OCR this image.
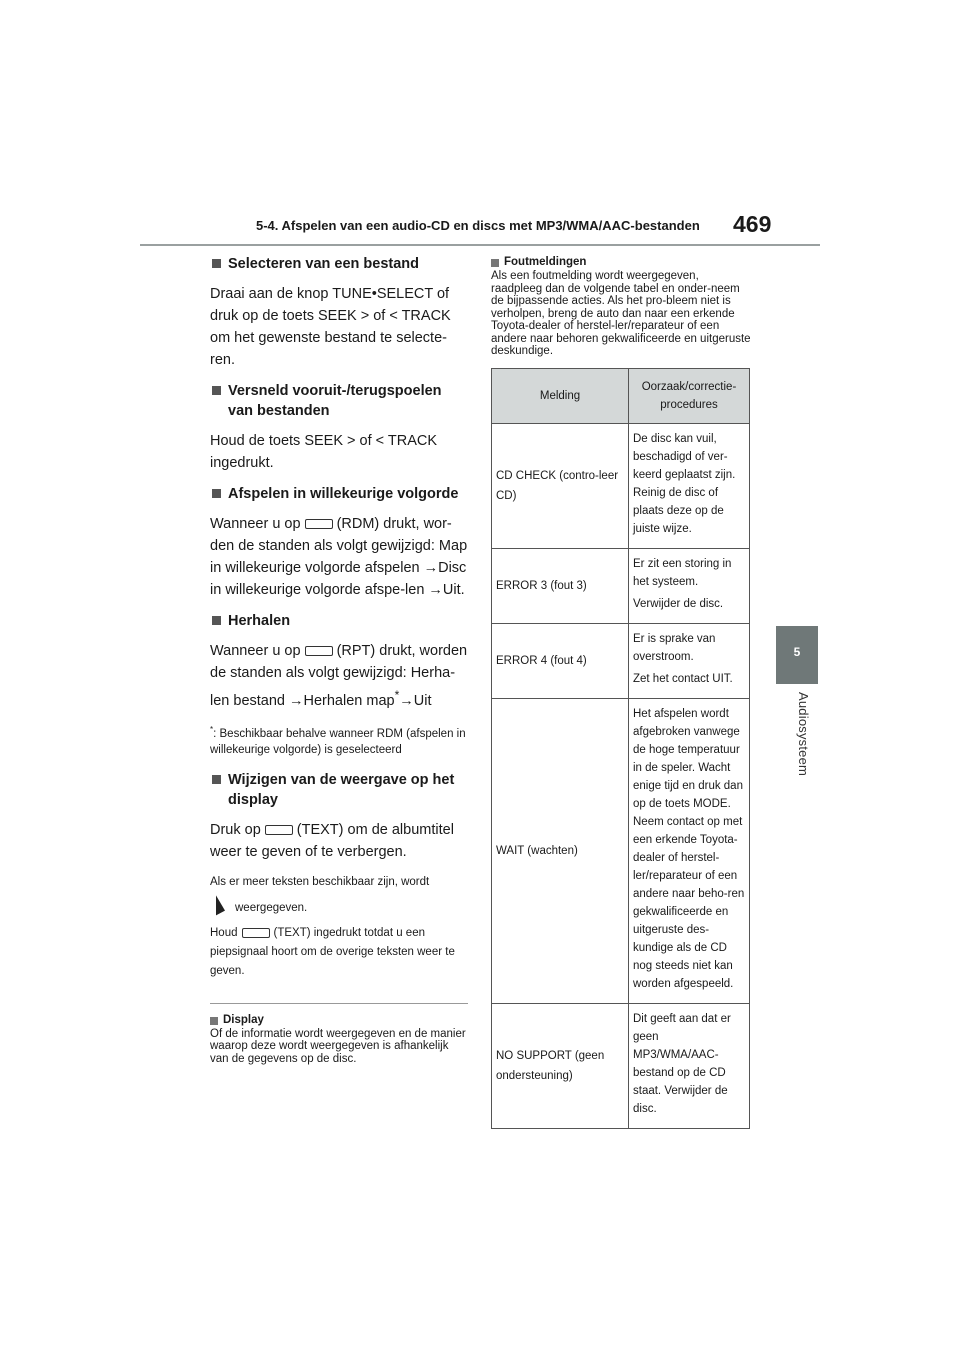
5-4. Afspelen van een audio-CD en discs met MP3/WMA/AAC-bestanden 469
5
Audiosysteem

Selecteren van een bestand

Draai aan de knop TUNE•SELECT of druk op de toets SEEK > of < TRACK om het gewenste bestand te selecte-ren.

Versneld vooruit-/terugspoelen van bestanden

Houd de toets SEEK > of < TRACK ingedrukt.

Afspelen in willekeurige volgorde

Wanneer u op (RDM) drukt, wor-den de standen als volgt gewijzigd: Map in willekeurige volgorde afspelen →Disc in willekeurige volgorde afspe-len →Uit.

Herhalen

Wanneer u op (RPT) drukt, worden de standen als volgt gewijzigd: Herha-len bestand →Herhalen map*→Uit

*: Beschikbaar behalve wanneer RDM (afspelen in willekeurige volgorde) is geselecteerd

Wijzigen van de weergave op het display

Druk op (TEXT) om de albumtitel weer te geven of te verbergen.

Als er meer teksten beschikbaar zijn, wordt

weergegeven.

Houd	(TEXT) ingedrukt totdat u een piepsignaal hoort om de overige teksten weer te geven.

Display

Of de informatie wordt weergegeven en de manier waarop deze wordt weergegeven is afhankelijk van de gegevens op de disc.

Foutmeldingen

Als een foutmelding wordt weergegeven, raadpleeg dan de volgende tabel en onder-neem de bijpassende acties. Als het pro-bleem niet is verholpen, breng de auto dan naar een erkende Toyota-dealer of herstel-ler/reparateur of een andere naar behoren gekwalificeerde en uitgeruste deskundige.

Melding	Oorzaak/correctie-procedures
CD CHECK (contro-leer CD)	De disc kan vuil, beschadigd of ver-keerd geplaatst zijn. Reinig de disc of plaats deze op de juiste wijze.

ERROR 3 (fout 3)	Er zit een storing in het systeem.

Verwijder de disc.

ERROR 4 (fout 4)	Er is sprake van overstroom.

Zet het contact UIT.

WAIT (wachten)	Het afspelen wordt afgebroken vanwege de hoge temperatuur in de speler. Wacht enige tijd en druk dan op de toets MODE. Neem contact op met een erkende Toyota-dealer of herstel-ler/reparateur of een andere naar beho-ren gekwalificeerde en uitgeruste des-kundige als de CD nog steeds niet kan worden afgespeeld.

NO SUPPORT (geen ondersteuning)	Dit geeft aan dat er geen MP3/WMA/AAC-bestand op de CD staat. Verwijder de disc.
